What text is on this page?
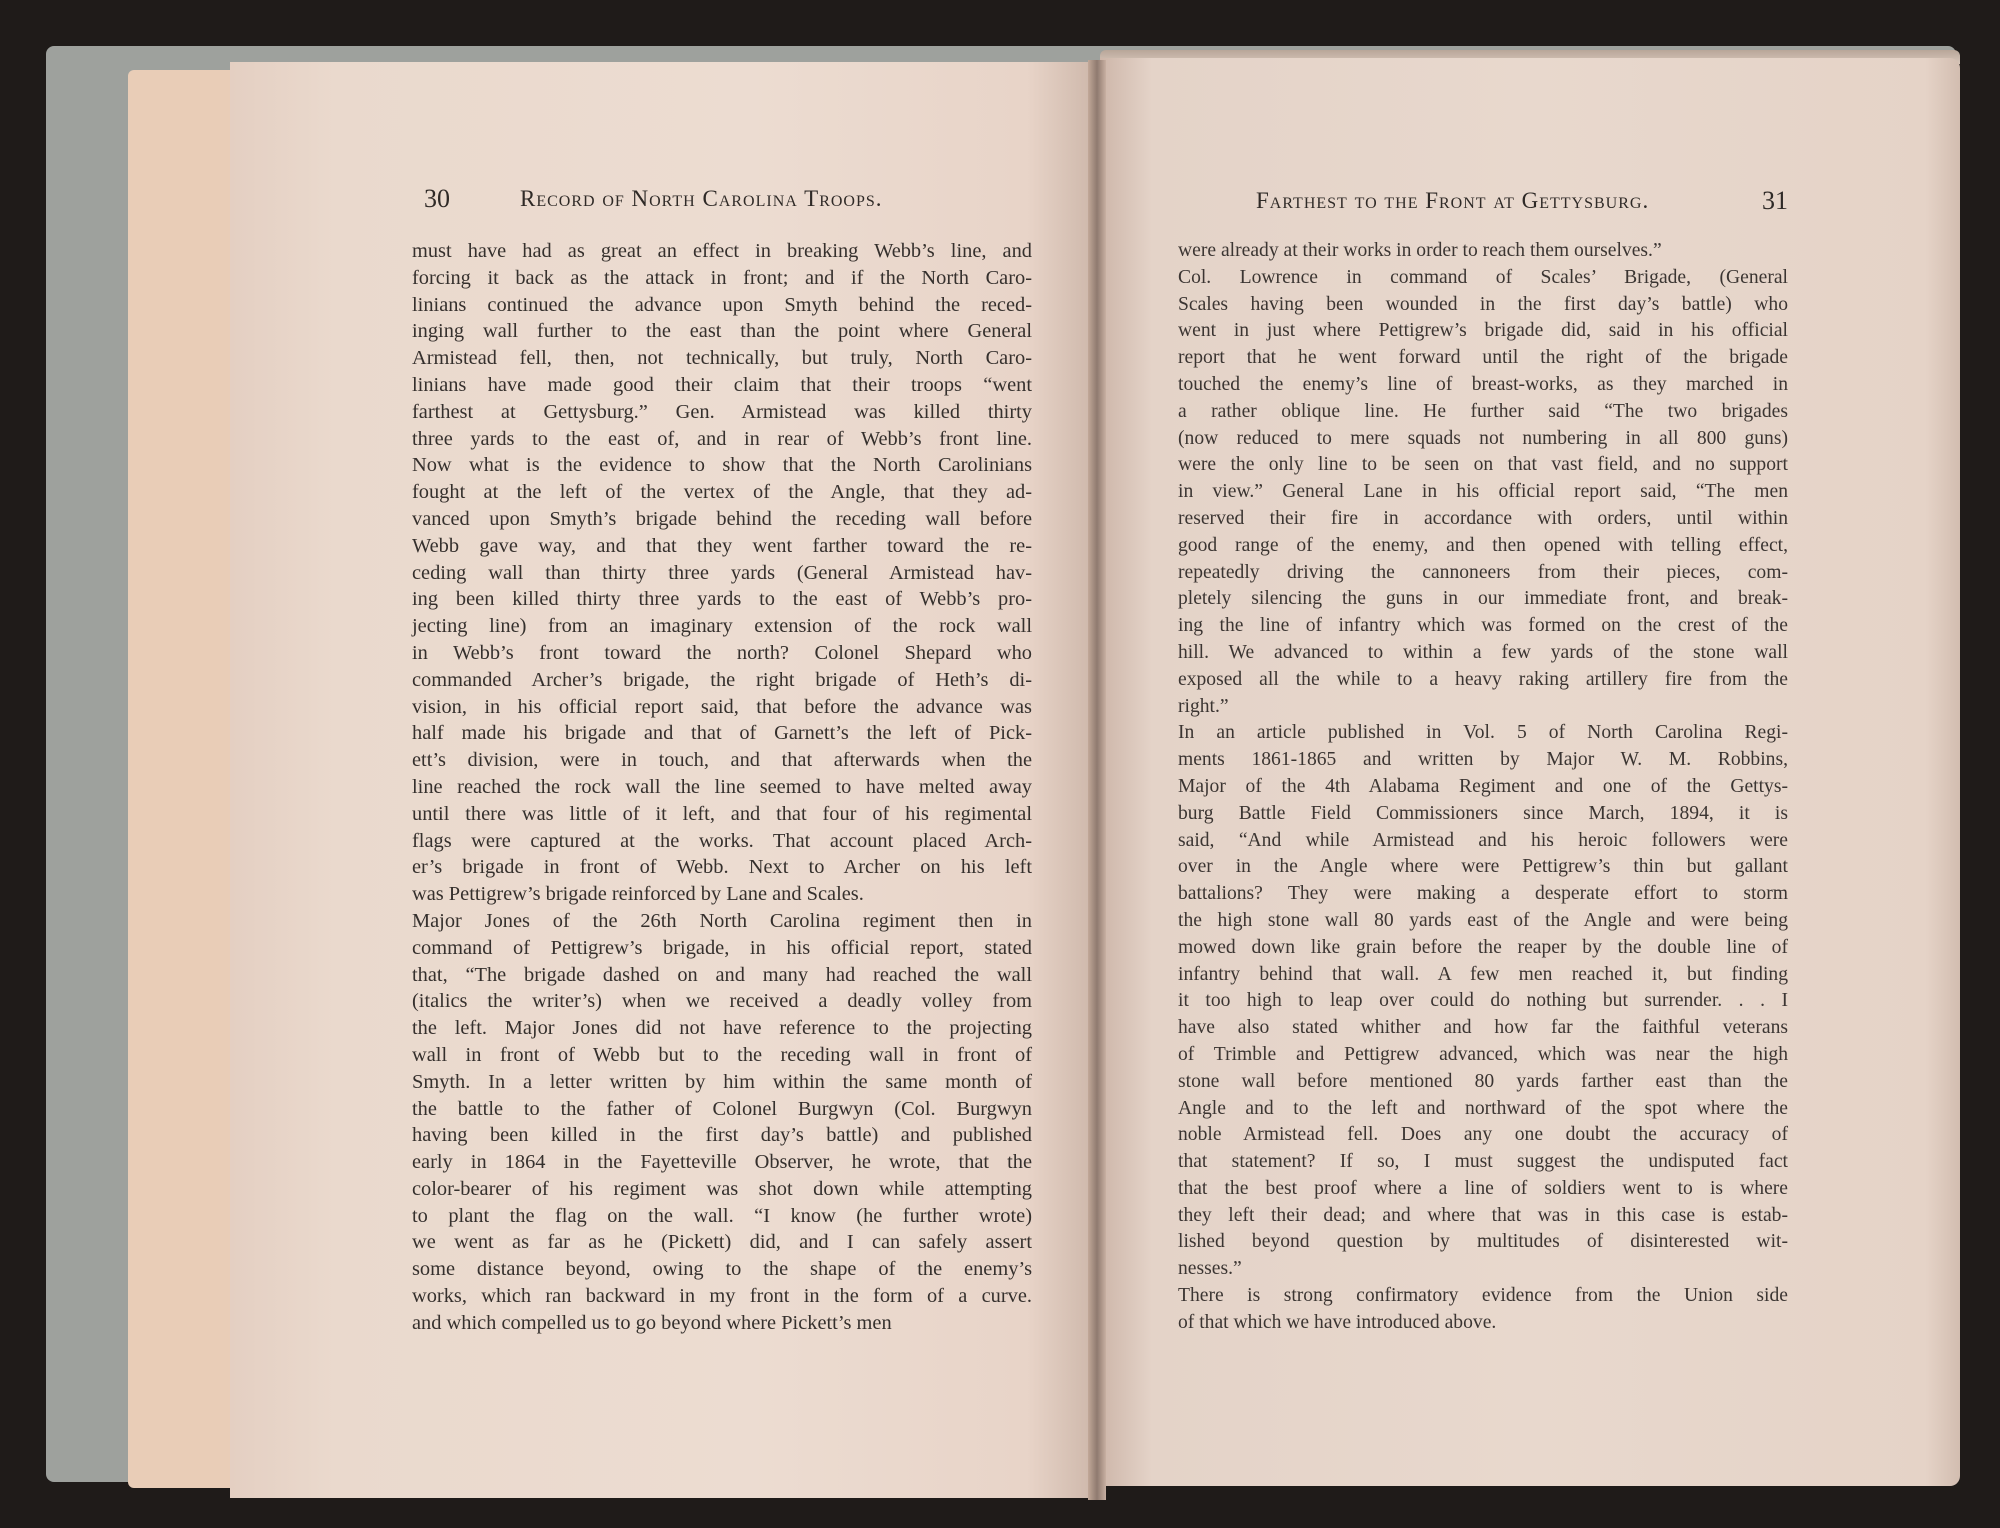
30	Record of North Carolina Troops.	Farthest to the Front at Gettysburg.	31
must have had as great an effect in breaking Webb’s line, and
forcing it back as the attack in front; and if the North Caro-
linians continued the advance upon Smyth behind the reced-
inging wall further to the east than the point where General
Armistead fell, then, not technically, but truly, North Caro-
linians have made good their claim that their troops “went
farthest at Gettysburg.” Gen. Armistead was killed thirty
three yards to the east of, and in rear of Webb’s front line.
Now what is the evidence to show that the North Carolinians
fought at the left of the vertex of the Angle, that they ad-
vanced upon Smyth’s brigade behind the receding wall before
Webb gave way, and that they went farther toward the re-
ceding wall than thirty three yards (General Armistead hav-
ing been killed thirty three yards to the east of Webb’s pro-
jecting line) from an imaginary extension of the rock wall
in Webb’s front toward the north? Colonel Shepard who
commanded Archer’s brigade, the right brigade of Heth’s di-
vision, in his official report said, that before the advance was
half made his brigade and that of Garnett’s the left of Pick-
ett’s division, were in touch, and that afterwards when the
line reached the rock wall the line seemed to have melted away
until there was little of it left, and that four of his regimental
flags were captured at the works. That account placed Arch-
er’s brigade in front of Webb. Next to Archer on his left
was Pettigrew’s brigade reinforced by Lane and Scales.
Major Jones of the 26th North Carolina regiment then in
command of Pettigrew’s brigade, in his official report, stated
that, “The brigade dashed on and many had reached the wall
(italics the writer’s) when we received a deadly volley from
the left. Major Jones did not have reference to the projecting
wall in front of Webb but to the receding wall in front of
Smyth. In a letter written by him within the same month of
the battle to the father of Colonel Burgwyn (Col. Burgwyn
having been killed in the first day’s battle) and published
early in 1864 in the Fayetteville Observer, he wrote, that the
color-bearer of his regiment was shot down while attempting
to plant the flag on the wall. “I know (he further wrote)
we went as far as he (Pickett) did, and I can safely assert
some distance beyond, owing to the shape of the enemy’s
works, which ran backward in my front in the form of a curve.
and which compelled us to go beyond where Pickett’s men
were already at their works in order to reach them ourselves.”
Col. Lowrence in command of Scales’ Brigade, (General
Scales having been wounded in the first day’s battle) who
went in just where Pettigrew’s brigade did, said in his official
report that he went forward until the right of the brigade
touched the enemy’s line of breast-works, as they marched in
a rather oblique line. He further said “The two brigades
(now reduced to mere squads not numbering in all 800 guns)
were the only line to be seen on that vast field, and no support
in view.” General Lane in his official report said, “The men
reserved their fire in accordance with orders, until within
good range of the enemy, and then opened with telling effect,
repeatedly driving the cannoneers from their pieces, com-
pletely silencing the guns in our immediate front, and break-
ing the line of infantry which was formed on the crest of the
hill. We advanced to within a few yards of the stone wall
exposed all the while to a heavy raking artillery fire from the
right.”
In an article published in Vol. 5 of North Carolina Regi-
ments 1861-1865 and written by Major W. M. Robbins,
Major of the 4th Alabama Regiment and one of the Gettys-
burg Battle Field Commissioners since March, 1894, it is
said, “And while Armistead and his heroic followers were
over in the Angle where were Pettigrew’s thin but gallant
battalions? They were making a desperate effort to storm
the high stone wall 80 yards east of the Angle and were being
mowed down like grain before the reaper by the double line of
infantry behind that wall. A few men reached it, but finding
it too high to leap over could do nothing but surrender. . . I
have also stated whither and how far the faithful veterans
of Trimble and Pettigrew advanced, which was near the high
stone wall before mentioned 80 yards farther east than the
Angle and to the left and northward of the spot where the
noble Armistead fell. Does any one doubt the accuracy of
that statement? If so, I must suggest the undisputed fact
that the best proof where a line of soldiers went to is where
they left their dead; and where that was in this case is estab-
lished beyond question by multitudes of disinterested wit-
nesses.”
There is strong confirmatory evidence from the Union side
of that which we have introduced above.
